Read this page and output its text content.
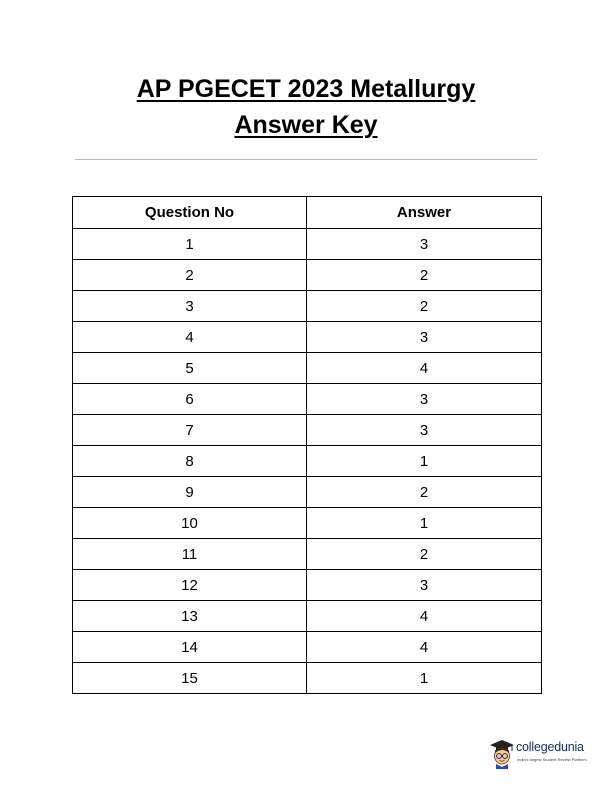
AP PGECET 2023 Metallurgy
Answer Key
Question No	Answer
1	3
2	2
3	2
4	3
5	4
6	3
7	3
8	1
9	2
10	1
11	2
12	3
13	4
14	4
15	1
collegedunia
India's largest Student Review Platform
